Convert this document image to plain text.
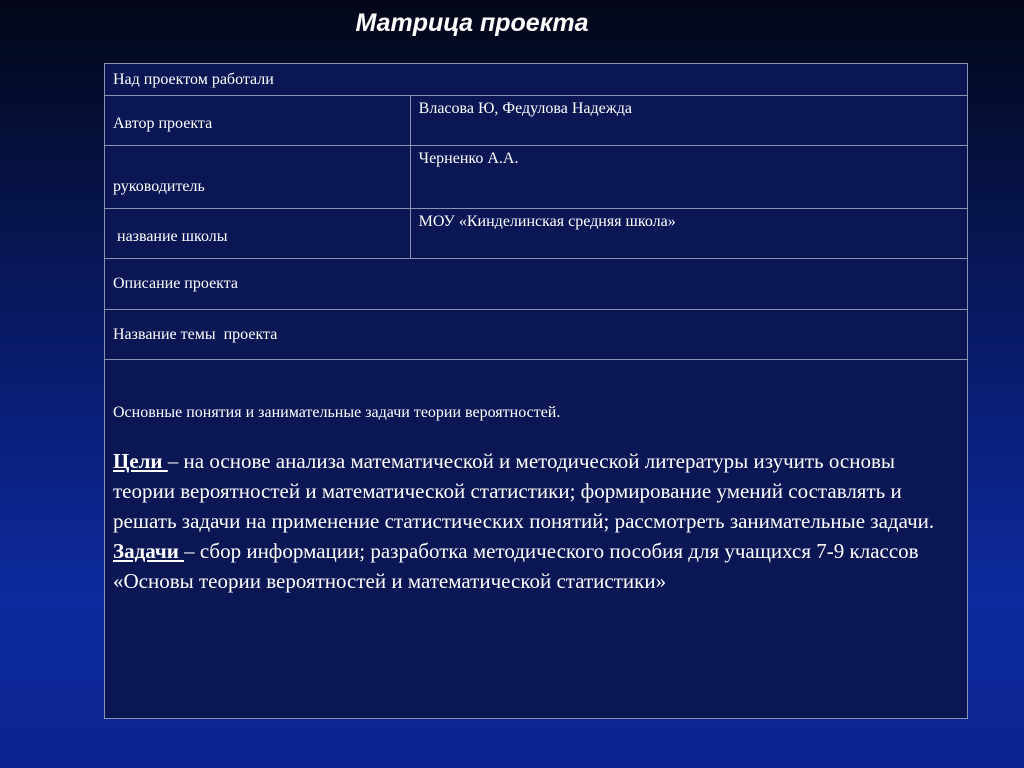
Матрица проекта
Над проектом работали	
Автор проекта	Власова Ю, Федулова Надежда
руководитель	Черненко А.А.
название школы	МОУ «Кинделинская средняя школа»
Описание проекта	
Название темы  проекта	

Основные понятия и занимательные задачи теории вероятностей.

Цели – на основе анализа математической и методической литературы изучить основы теории вероятностей и математической статистики; формирование умений составлять и решать задачи на применение статистических понятий; рассмотреть занимательные задачи.
Задачи – сбор информации; разработка методического пособия для учащихся 7-9 классов «Основы теории вероятностей и математической статистики»	
